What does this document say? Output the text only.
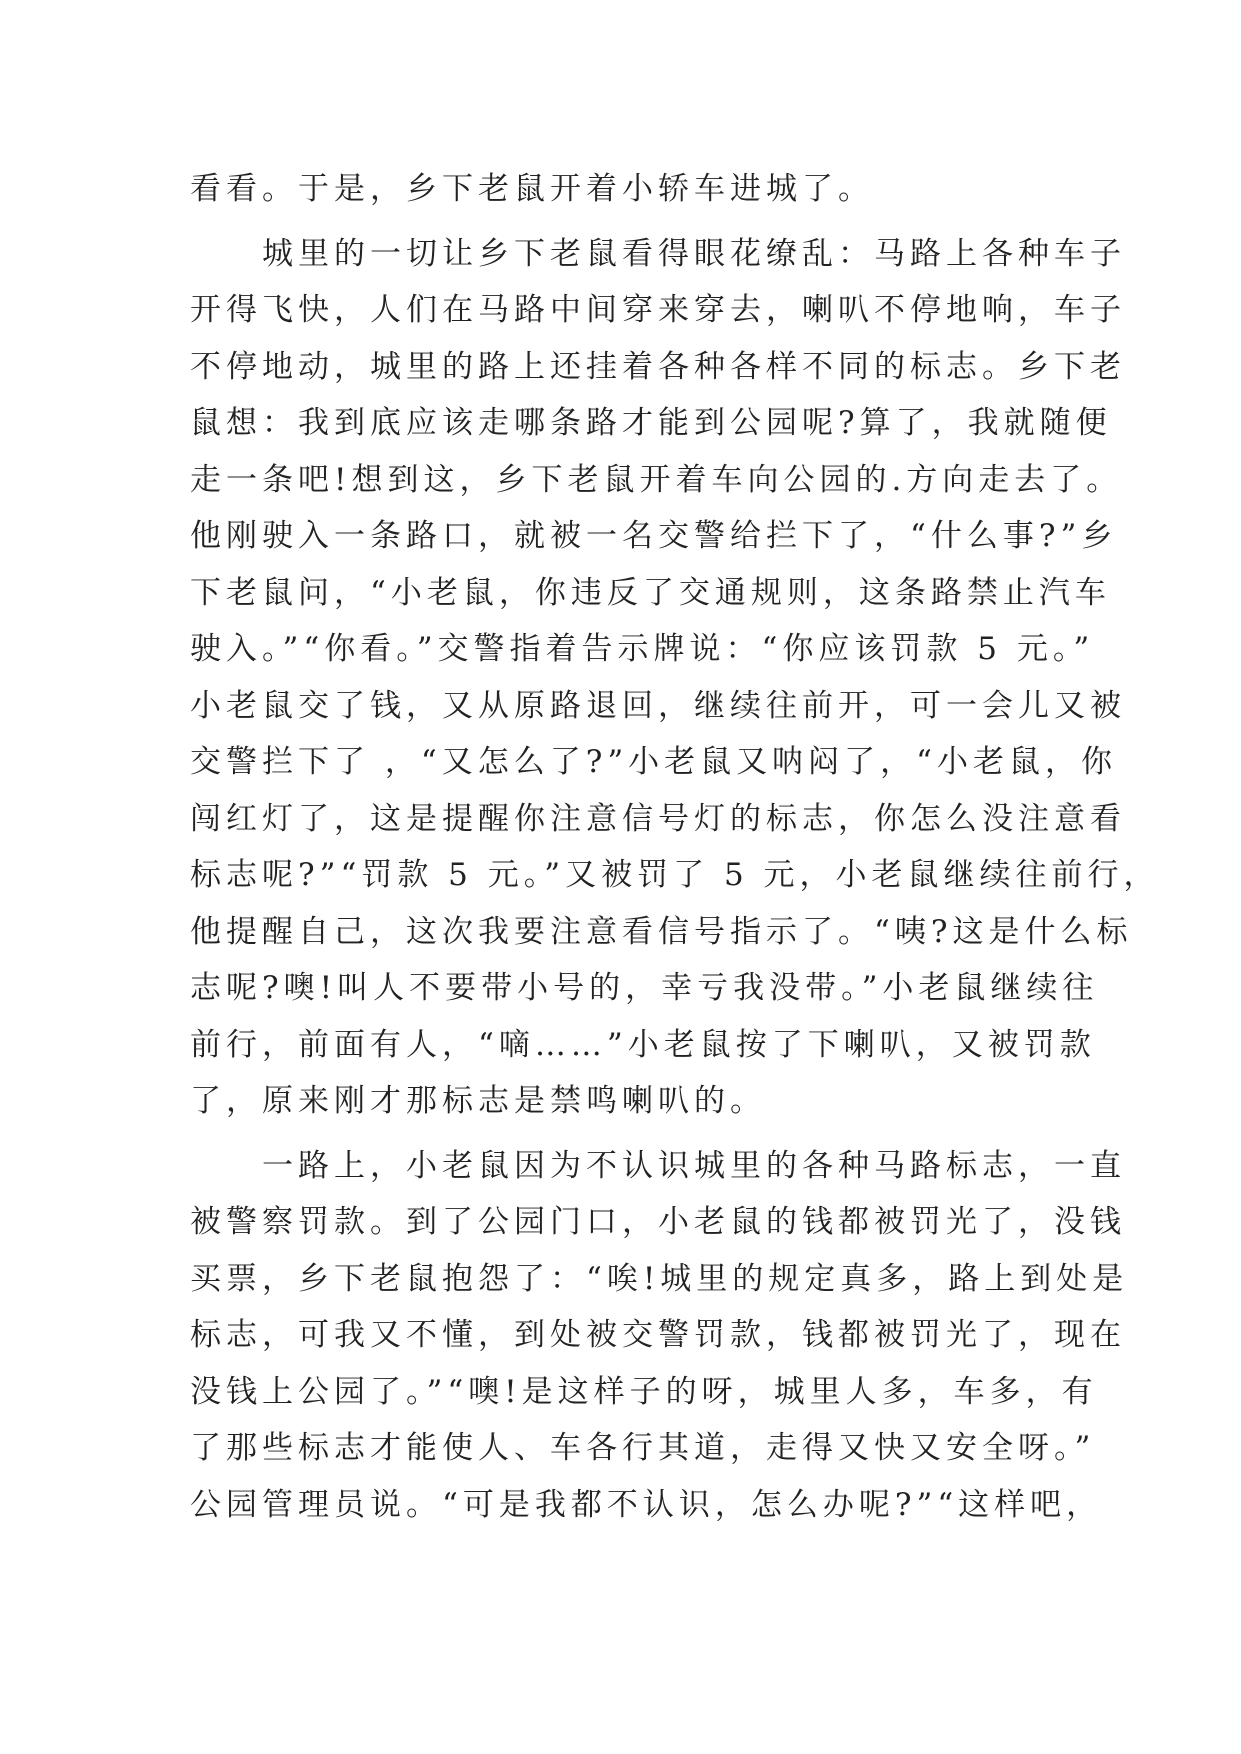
看看。于是，乡下老鼠开着小轿车进城了。
　　城里的一切让乡下老鼠看得眼花缭乱：马路上各种车子
开得飞快，人们在马路中间穿来穿去，喇叭不停地响，车子
不停地动，城里的路上还挂着各种各样不同的标志。乡下老
鼠想：我到底应该走哪条路才能到公园呢?算了，我就随便
走一条吧!想到这，乡下老鼠开着车向公园的.方向走去了。
他刚驶入一条路口，就被一名交警给拦下了，“什么事?”乡
下老鼠问，“小老鼠，你违反了交通规则，这条路禁止汽车
驶入。”“你看。”交警指着告示牌说：“你应该罚款 5 元。”
小老鼠交了钱，又从原路退回，继续往前开，可一会儿又被
交警拦下了 ，“又怎么了?”小老鼠又呐闷了，“小老鼠，你
闯红灯了，这是提醒你注意信号灯的标志，你怎么没注意看
标志呢?”“罚款 5 元。”又被罚了 5 元，小老鼠继续往前行，
他提醒自己，这次我要注意看信号指示了。“咦?这是什么标
志呢?噢!叫人不要带小号的，幸亏我没带。”小老鼠继续往
前行，前面有人，“嘀……”小老鼠按了下喇叭，又被罚款
了，原来刚才那标志是禁鸣喇叭的。
　　一路上，小老鼠因为不认识城里的各种马路标志，一直
被警察罚款。到了公园门口，小老鼠的钱都被罚光了，没钱
买票，乡下老鼠抱怨了：“唉!城里的规定真多，路上到处是
标志，可我又不懂，到处被交警罚款，钱都被罚光了，现在
没钱上公园了。”“噢!是这样子的呀，城里人多，车多，有
了那些标志才能使人、车各行其道，走得又快又安全呀。”
公园管理员说。“可是我都不认识，怎么办呢?”“这样吧，
